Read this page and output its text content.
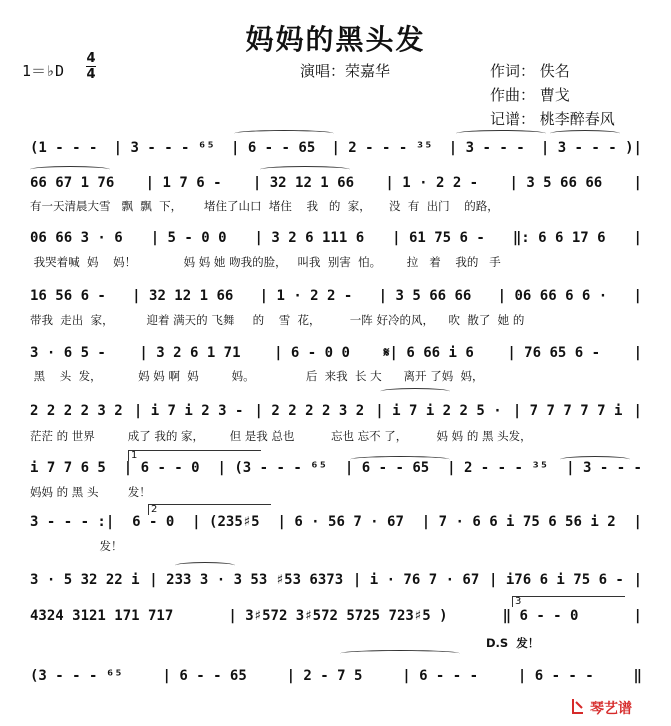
妈妈的黑头发
1＝♭D
4
4	演唱：荣嘉华	作词： 佚名
作曲： 曹戈
记谱： 桃李醉春风
(1 - - - | 3 - - - ⁶⁵ | 6 - - 65 | 2 - - - ³⁵ | 3 - - - | 3 - - - )|
66 67 1 76 | 1 7 6 - | 32 12 1 66 | 1 · 2 2 - | 3 5 66 66 |
有一天清晨大雪   飘  飘  下，      堵住了山口  堵住    我   的  家，     没  有  出门    的路，
06 66 3 · 6 | 5 - 0 0 | 3 2 6 111 6 | 61 75 6 - ‖: 6 6 17 6 |
我哭着喊  妈    妈！             妈 妈 她 吻我的脸，   叫我  别害  怕。       拉   着    我的   手
16 56 6 - | 32 12 1 66 | 1 · 2 2 - | 3 5 66 66 | 06 66 6 6 · |
带我  走出  家，         迎着 满天的 飞舞     的    雪  花，        一阵 好冷的风，    吹  散了  她 的
3 · 6 5 - | 3 2 6 1 71 | 6 - 0 0 𝄋| 6 66 i 6 | 76 65 6 - |
黑    头  发，          妈 妈 啊  妈         妈。              后  来我  长 大      离开 了妈  妈，
2 2 2 2 3 2 | i 7 i 2 3 - | 2 2 2 2 3 2 | i 7 i 2 2 5 · | 7 7 7 7 7 i |
茫茫 的 世界         成了 我的 家，       但 是我 总也          忘也 忘不 了，        妈 妈 的 黑 头发，
i 7 7 6 5 | 6 - - 0 | (3 - - - ⁶⁵ | 6 - - 65 | 2 - - - ³⁵ | 3 - - -
妈妈 的 黑 头        发！
3 - - - :| 6 - 0 | (235♯5 | 6 · 56 7 · 67 | 7 · 6 6 i 75 6 56 i 2 |
发！
3 · 5 32 22 i | 233 3 · 3 53 ♯53 6373 | i · 76 7 · 67 | i76 6 i 75 6 - |
4324 3121 171 717	| 3♯572 3♯572 5725 723♯5 )	‖ 6 - - 0	|
(3 - - - ⁶⁵	| 6 - - 65	| 2 - 7 5	| 6 - - -	| 6 - - -	‖
1
2
3
D.S  发！
琴艺谱
